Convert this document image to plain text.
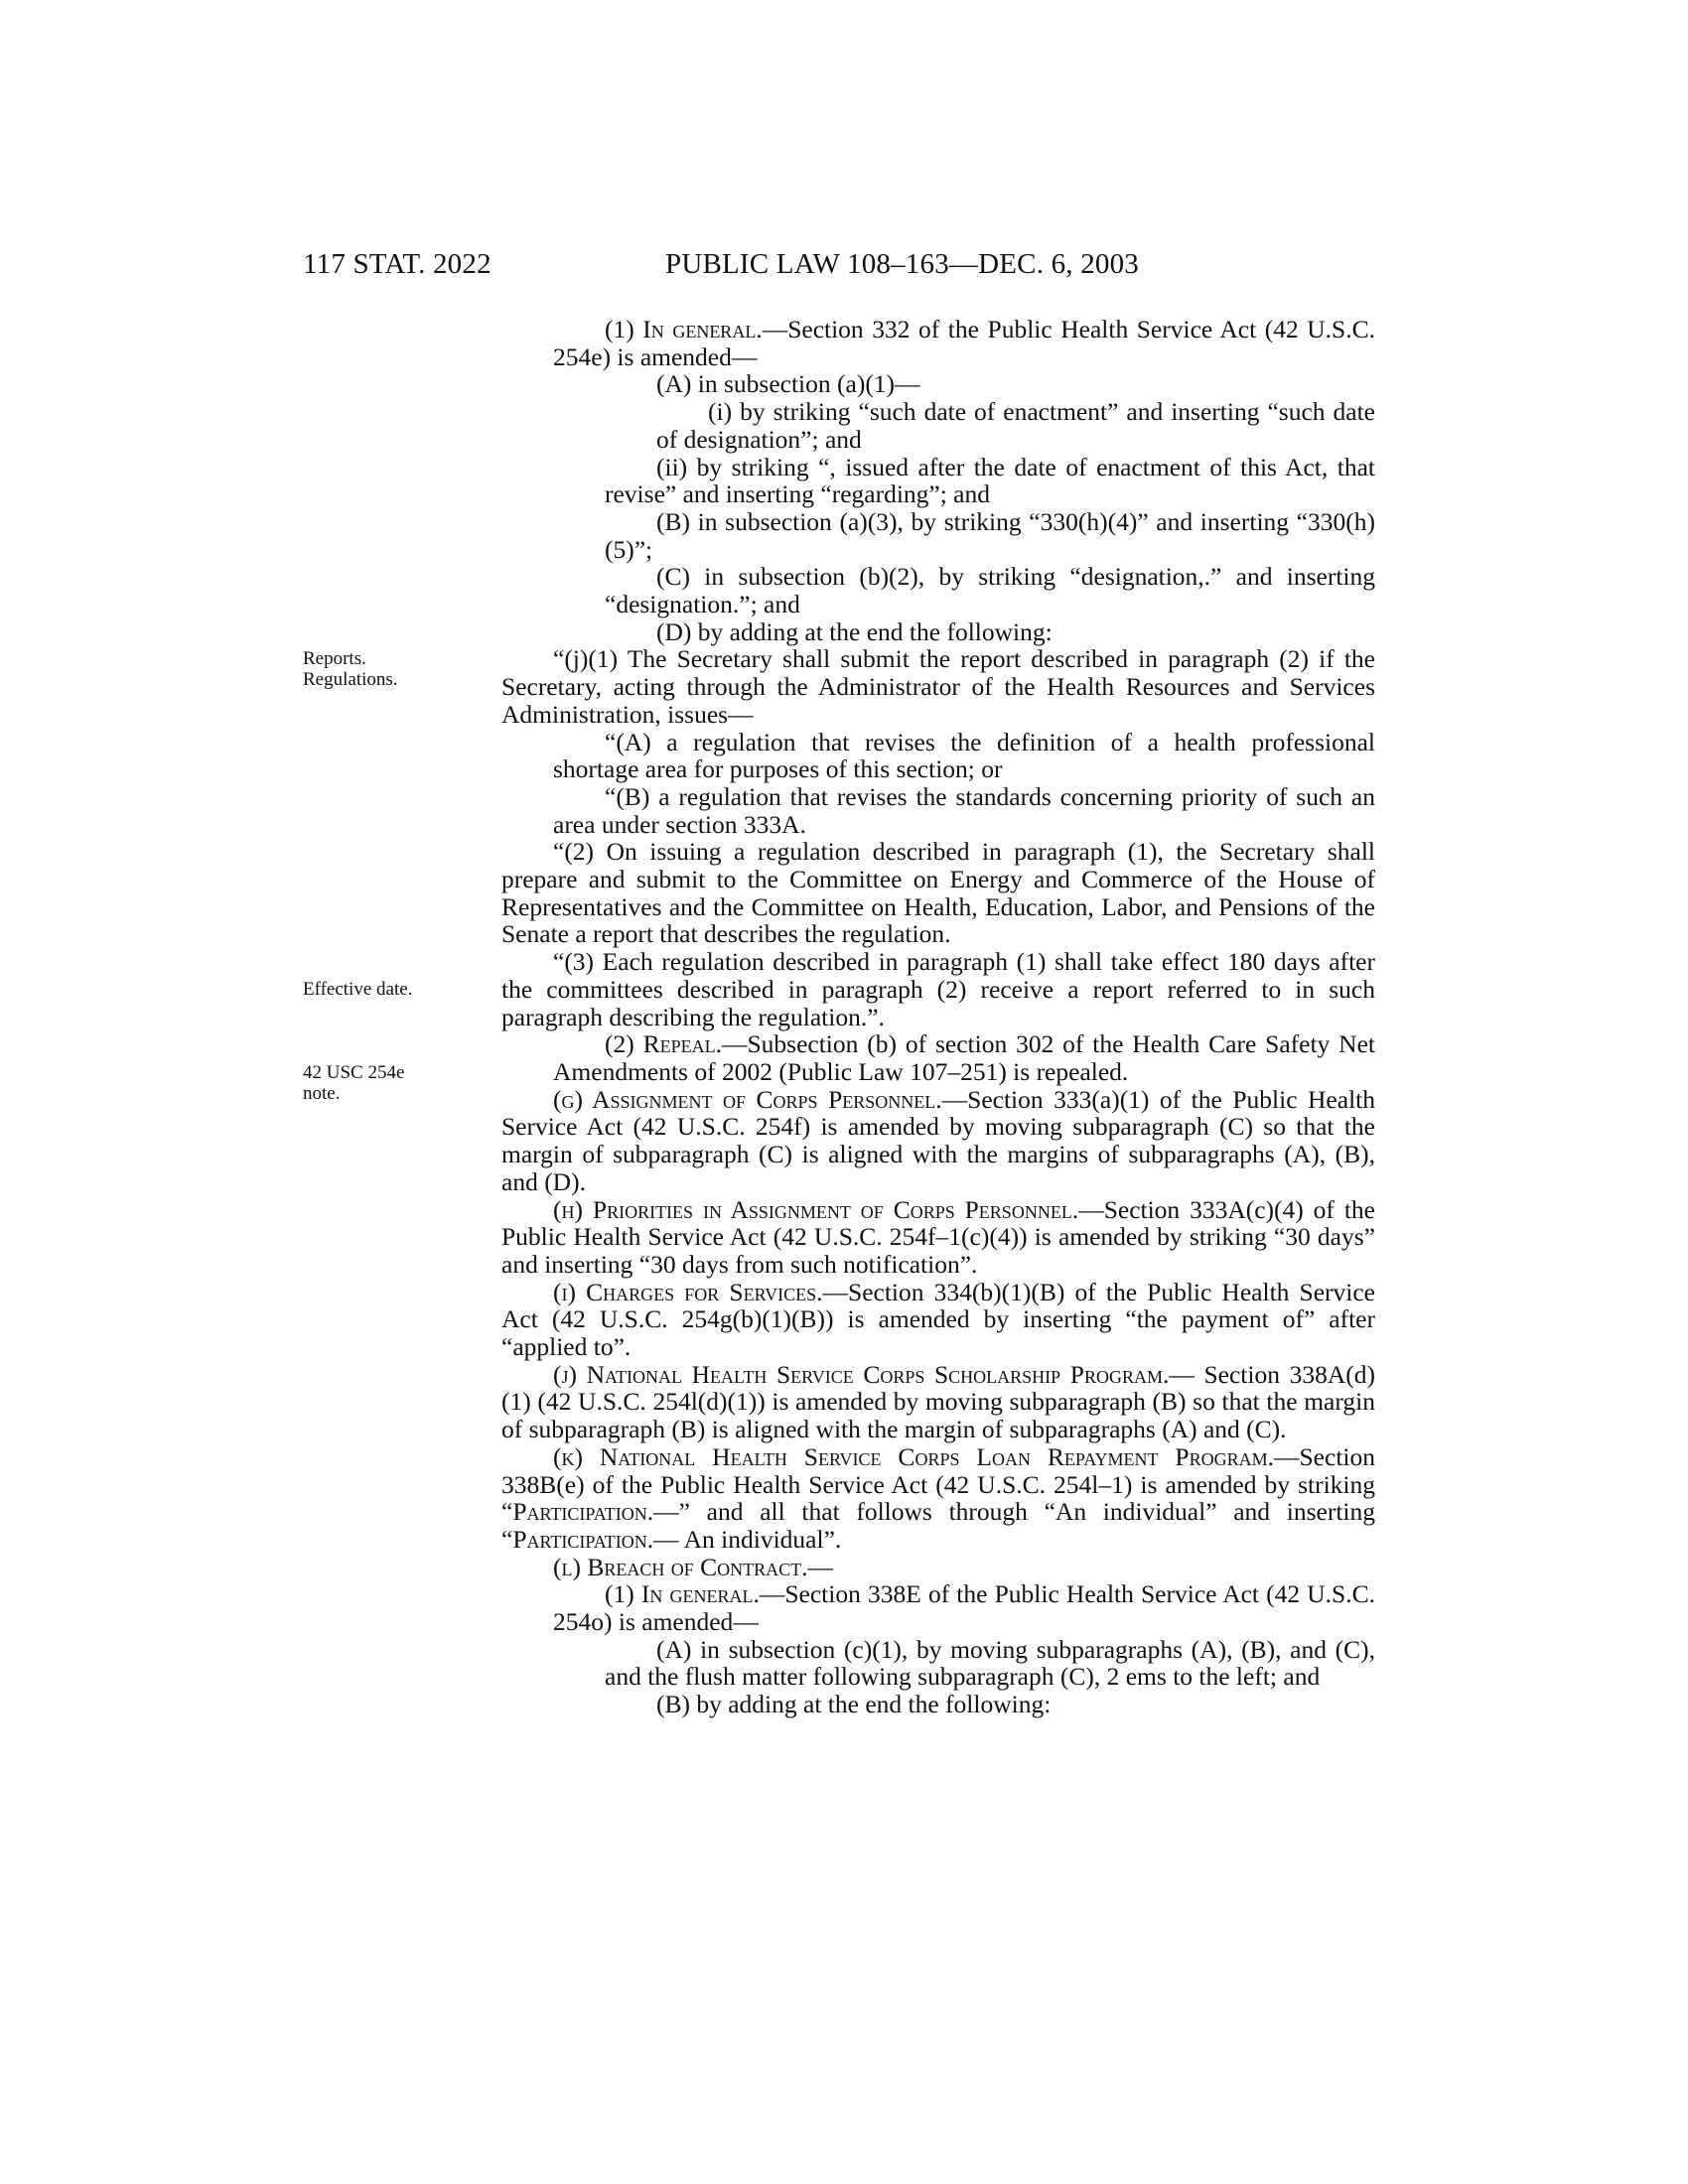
117 STAT. 2022	PUBLIC LAW 108–163—DEC. 6, 2003
Reports.
Regulations.
Effective date.
42 USC 254e
note.

(1) In general.—Section 332 of the Public Health Service Act (42 U.S.C. 254e) is amended—

(A) in subsection (a)(1)—

(i) by striking “such date of enactment” and inserting “such date of designation”; and

(ii) by striking “, issued after the date of enactment of this Act, that revise” and inserting “regarding”; and

(B) in subsection (a)(3), by striking “330(h)(4)” and inserting “330(h)(5)”;

(C) in subsection (b)(2), by striking “designation,.” and inserting “designation.”; and

(D) by adding at the end the following:

“(j)(1) The Secretary shall submit the report described in paragraph (2) if the Secretary, acting through the Administrator of the Health Resources and Services Administration, issues—

“(A) a regulation that revises the definition of a health professional shortage area for purposes of this section; or

“(B) a regulation that revises the standards concerning priority of such an area under section 333A.

“(2) On issuing a regulation described in paragraph (1), the Secretary shall prepare and submit to the Committee on Energy and Commerce of the House of Representatives and the Committee on Health, Education, Labor, and Pensions of the Senate a report that describes the regulation.

“(3) Each regulation described in paragraph (1) shall take effect 180 days after the committees described in paragraph (2) receive a report referred to in such paragraph describing the regulation.”.

(2) Repeal.—Subsection (b) of section 302 of the Health Care Safety Net Amendments of 2002 (Public Law 107–251) is repealed.

(g) Assignment of Corps Personnel.—Section 333(a)(1) of the Public Health Service Act (42 U.S.C. 254f) is amended by moving subparagraph (C) so that the margin of subparagraph (C) is aligned with the margins of subparagraphs (A), (B), and (D).

(h) Priorities in Assignment of Corps Personnel.—Section 333A(c)(4) of the Public Health Service Act (42 U.S.C. 254f–1(c)(4)) is amended by striking “30 days” and inserting “30 days from such notification”.

(i) Charges for Services.—Section 334(b)(1)(B) of the Public Health Service Act (42 U.S.C. 254g(b)(1)(B)) is amended by inserting “the payment of” after “applied to”.

(j) National Health Service Corps Scholarship Program.— Section 338A(d)(1) (42 U.S.C. 254l(d)(1)) is amended by moving subparagraph (B) so that the margin of subparagraph (B) is aligned with the margin of subparagraphs (A) and (C).

(k) National Health Service Corps Loan Repayment Program.—Section 338B(e) of the Public Health Service Act (42 U.S.C. 254l–1) is amended by striking “Participation.—” and all that follows through “An individual” and inserting “Participation.— An individual”.

(l) Breach of Contract.—

(1) In general.—Section 338E of the Public Health Service Act (42 U.S.C. 254o) is amended—

(A) in subsection (c)(1), by moving subparagraphs (A), (B), and (C), and the flush matter following subparagraph (C), 2 ems to the left; and

(B) by adding at the end the following:
